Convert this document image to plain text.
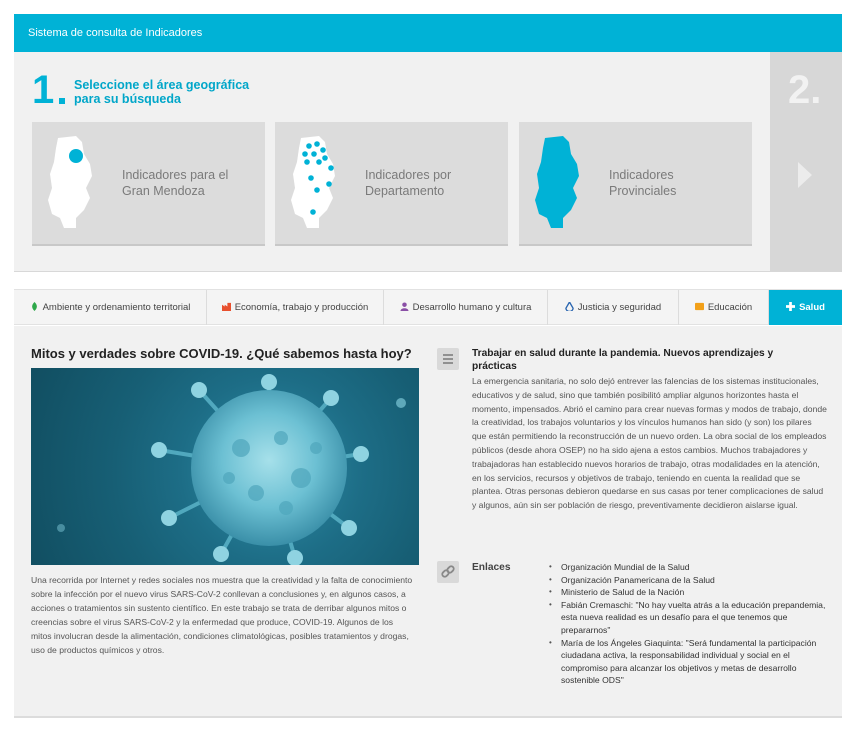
Sistema de consulta de Indicadores
1 Seleccione el área geográfica para su búsqueda
Indicadores para el Gran Mendoza
Indicadores por Departamento
Indicadores Provinciales
2.
Ambiente y ordenamiento territorial	Economía, trabajo y producción	Desarrollo humano y cultura	Justicia y seguridad	Educación	Salud
Mitos y verdades sobre COVID-19. ¿Qué sabemos hasta hoy?
Una recorrida por Internet y redes sociales nos muestra que la creatividad y la falta de conocimiento sobre la infección por el nuevo virus SARS-CoV-2 conllevan a conclusiones y, en algunos casos, a acciones o tratamientos sin sustento científico. En este trabajo se trata de derribar algunos mitos o creencias sobre el virus SARS-CoV-2 y la enfermedad que produce, COVID-19. Algunos de los mitos involucran desde la alimentación, condiciones climatológicas, posibles tratamientos y drogas, uso de productos químicos y otros.
Trabajar en salud durante la pandemia. Nuevos aprendizajes y prácticas
La emergencia sanitaria, no solo dejó entrever las falencias de los sistemas institucionales, educativos y de salud, sino que también posibilitó ampliar algunos horizontes hasta el momento, impensados. Abrió el camino para crear nuevas formas y modos de trabajo, donde la creatividad, los trabajos voluntarios y los vínculos humanos han sido (y son) los pilares que están permitiendo la reconstrucción de un nuevo orden. La obra social de los empleados públicos (desde ahora OSEP) no ha sido ajena a estos cambios. Muchos trabajadores y trabajadoras han establecido nuevos horarios de trabajo, otras modalidades en la atención, en los servicios, recursos y objetivos de trabajo, teniendo en cuenta la realidad que se plantea. Otras personas debieron quedarse en sus casas por tener complicaciones de salud y algunos, aún sin ser población de riesgo, preventivamente decidieron aislarse igual.
Enlaces
•	Organización Mundial de la Salud
• Organización Panamericana de la Salud
• Ministerio de Salud de la Nación
• Fabián Cremaschi: "No hay vuelta atrás a la educación prepandemia, esta nueva realidad es un desafío para el que tenemos que prepararnos"
• María de los Ángeles Giaquinta: "Será fundamental la participación ciudadana activa, la responsabilidad individual y social en el compromiso para alcanzar los objetivos y metas de desarrollo sostenible ODS"
